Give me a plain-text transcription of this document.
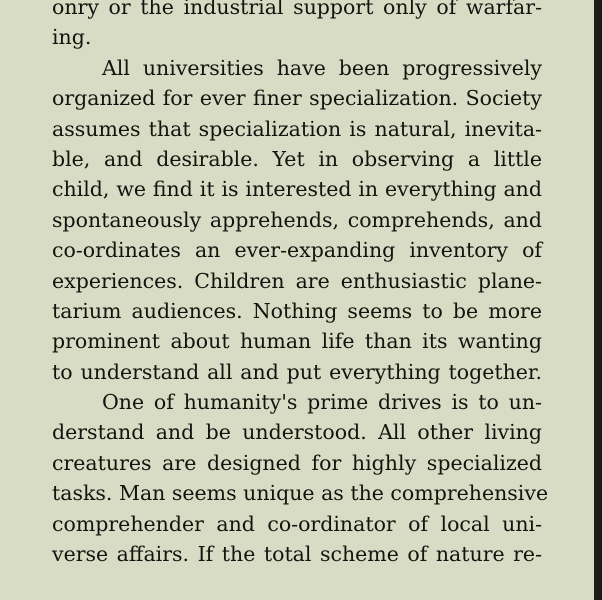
onry or the industrial support only of warfar-
ing.
All universities have been progressively
organized for ever finer specialization. Society
assumes that specialization is natural, inevita-
ble, and desirable. Yet in observing a little
child, we find it is interested in everything and
spontaneously apprehends, comprehends, and
co-ordinates an ever-expanding inventory of
experiences. Children are enthusiastic plane-
tarium audiences. Nothing seems to be more
prominent about human life than its wanting
to understand all and put everything together.
One of humanity's prime drives is to un-
derstand and be understood. All other living
creatures are designed for highly specialized
tasks. Man seems unique as the comprehensive
comprehender and co-ordinator of local uni-
verse affairs. If the total scheme of nature re-
